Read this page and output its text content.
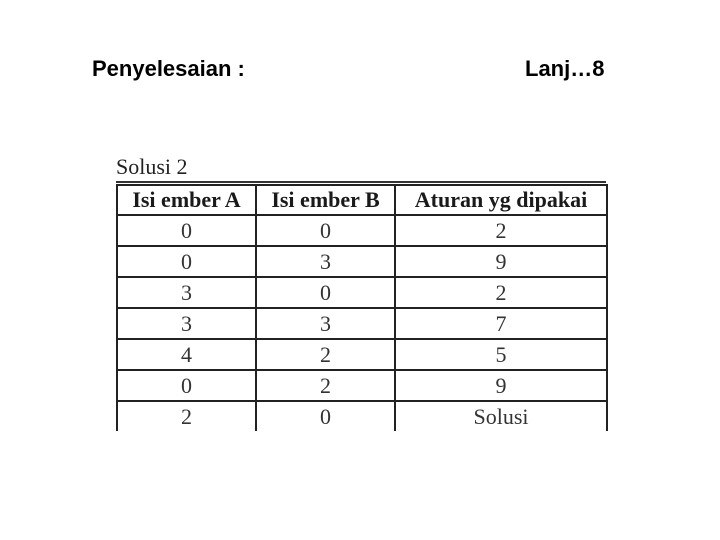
Penyelesaian :	Lanj…8
Solusi 2
Isi ember A	Isi ember B	Aturan yg dipakai
0	0	2
0	3	9
3	0	2
3	3	7
4	2	5
0	2	9
2	0	Solusi
